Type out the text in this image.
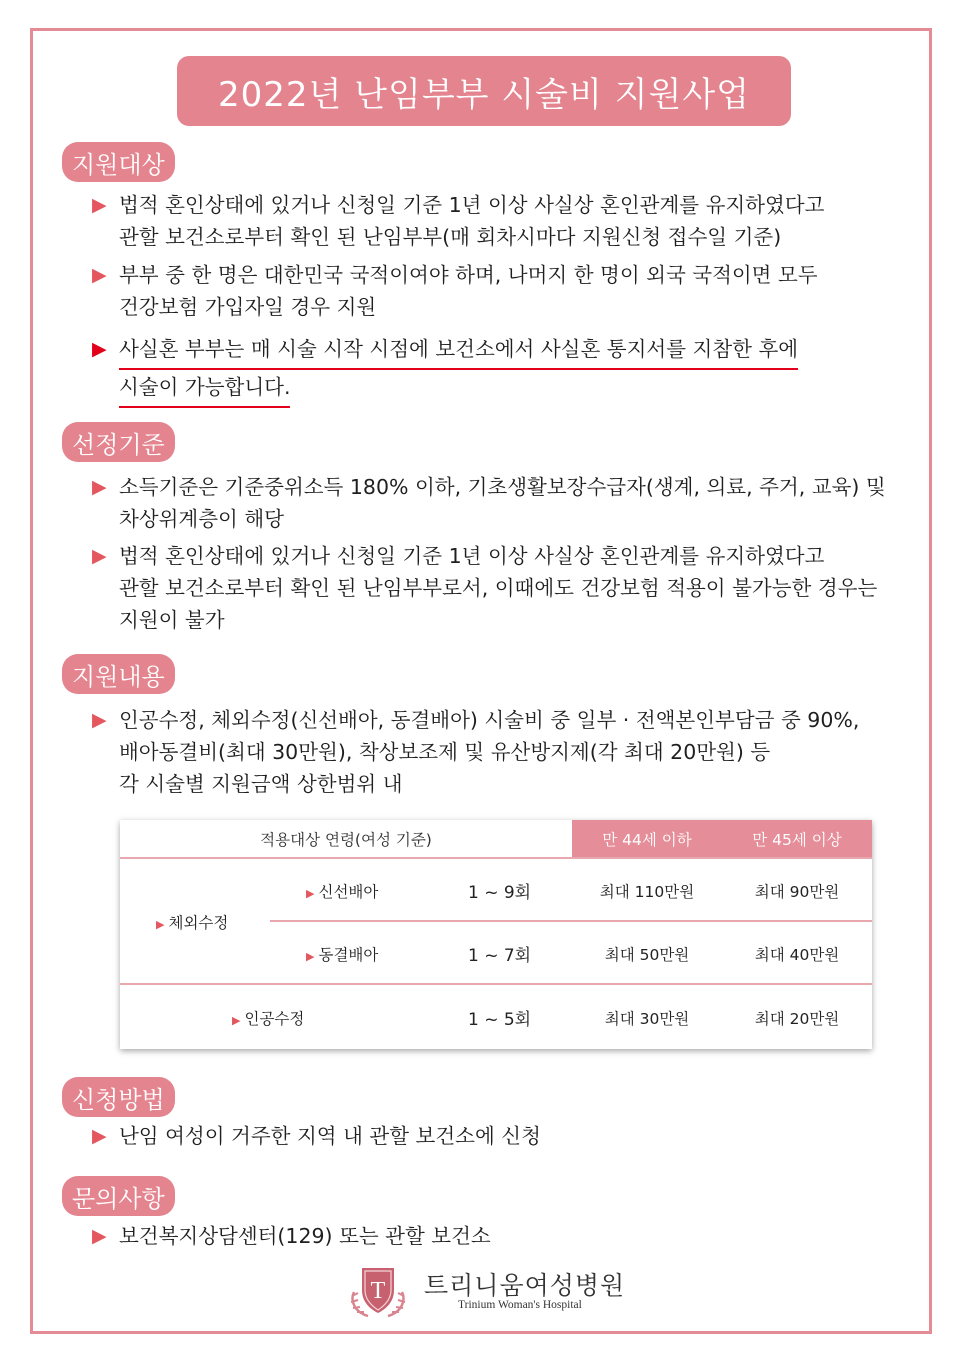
2022년 난임부부 시술비 지원사업
지원대상
▶ 법적 혼인상태에 있거나 신청일 기준 1년 이상 사실상 혼인관계를 유지하였다고
관할 보건소로부터 확인 된 난임부부(매 회차시마다 지원신청 접수일 기준)
▶ 부부 중 한 명은 대한민국 국적이여야 하며, 나머지 한 명이 외국 국적이면 모두
건강보험 가입자일 경우 지원
▶ 사실혼 부부는 매 시술 시작 시점에 보건소에서 사실혼 통지서를 지참한 후에
시술이 가능합니다.
선정기준
▶ 소득기준은 기준중위소득 180% 이하, 기초생활보장수급자(생계, 의료, 주거, 교육) 및
차상위계층이 해당
▶ 법적 혼인상태에 있거나 신청일 기준 1년 이상 사실상 혼인관계를 유지하였다고
관할 보건소로부터 확인 된 난임부부로서, 이때에도 건강보험 적용이 불가능한 경우는
지원이 불가
지원내용
▶ 인공수정, 체외수정(신선배아, 동결배아) 시술비 중 일부 · 전액본인부담금 중 90%,
배아동결비(최대 30만원), 착상보조제 및 유산방지제(각 최대 20만원) 등
각 시술별 지원금액 상한범위 내
적용대상 연령(여성 기준)	만 44세 이하	만 45세 이상
▶ 체외수정
▶ 신선배아	1 ~ 9회	최대 110만원	최대 90만원
▶ 동결배아	1 ~ 7회	최대 50만원	최대 40만원
▶ 인공수정	1 ~ 5회	최대 30만원	최대 20만원
신청방법
▶ 난임 여성이 거주한 지역 내 관할 보건소에 신청
문의사항
▶ 보건복지상담센터(129) 또는 관할 보건소
T 트리니움여성병원
Trinium Woman's Hospital
